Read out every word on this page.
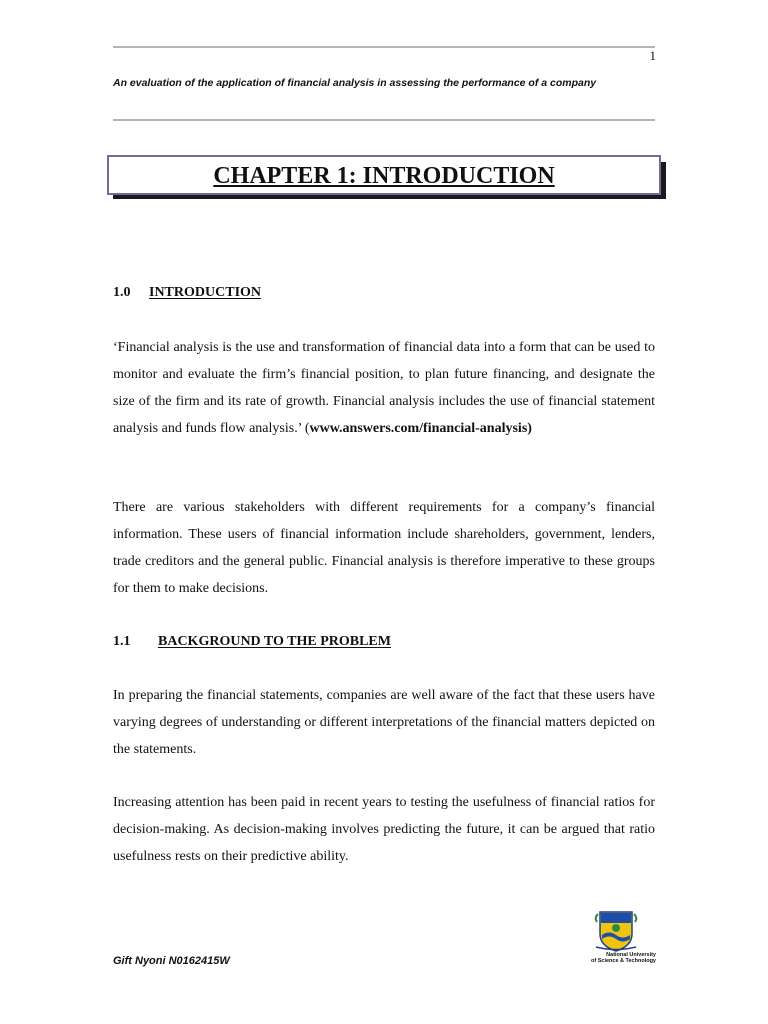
1

An evaluation of the application of financial analysis in assessing the performance of a company

CHAPTER 1: INTRODUCTION
1.0 INTRODUCTION

‘Financial analysis is the use and transformation of financial data into a form that can be used to monitor and evaluate the firm’s financial position, to plan future financing, and designate the size of the firm and its rate of growth. Financial analysis includes the use of financial statement analysis and funds flow analysis.’ (www.answers.com/financial-analysis)

There are various stakeholders with different requirements for a company’s financial information. These users of financial information include shareholders, government, lenders, trade creditors and the general public. Financial analysis is therefore imperative to these groups for them to make decisions.

1.1 BACKGROUND TO THE PROBLEM

In preparing the financial statements, companies are well aware of the fact that these users have varying degrees of understanding or different interpretations of the financial matters depicted on the statements.

Increasing attention has been paid in recent years to testing the usefulness of financial ratios for decision-making. As decision-making involves predicting the future, it can be argued that ratio usefulness rests on their predictive ability.

Gift Nyoni N0162415W	National University
of Science & Technology
